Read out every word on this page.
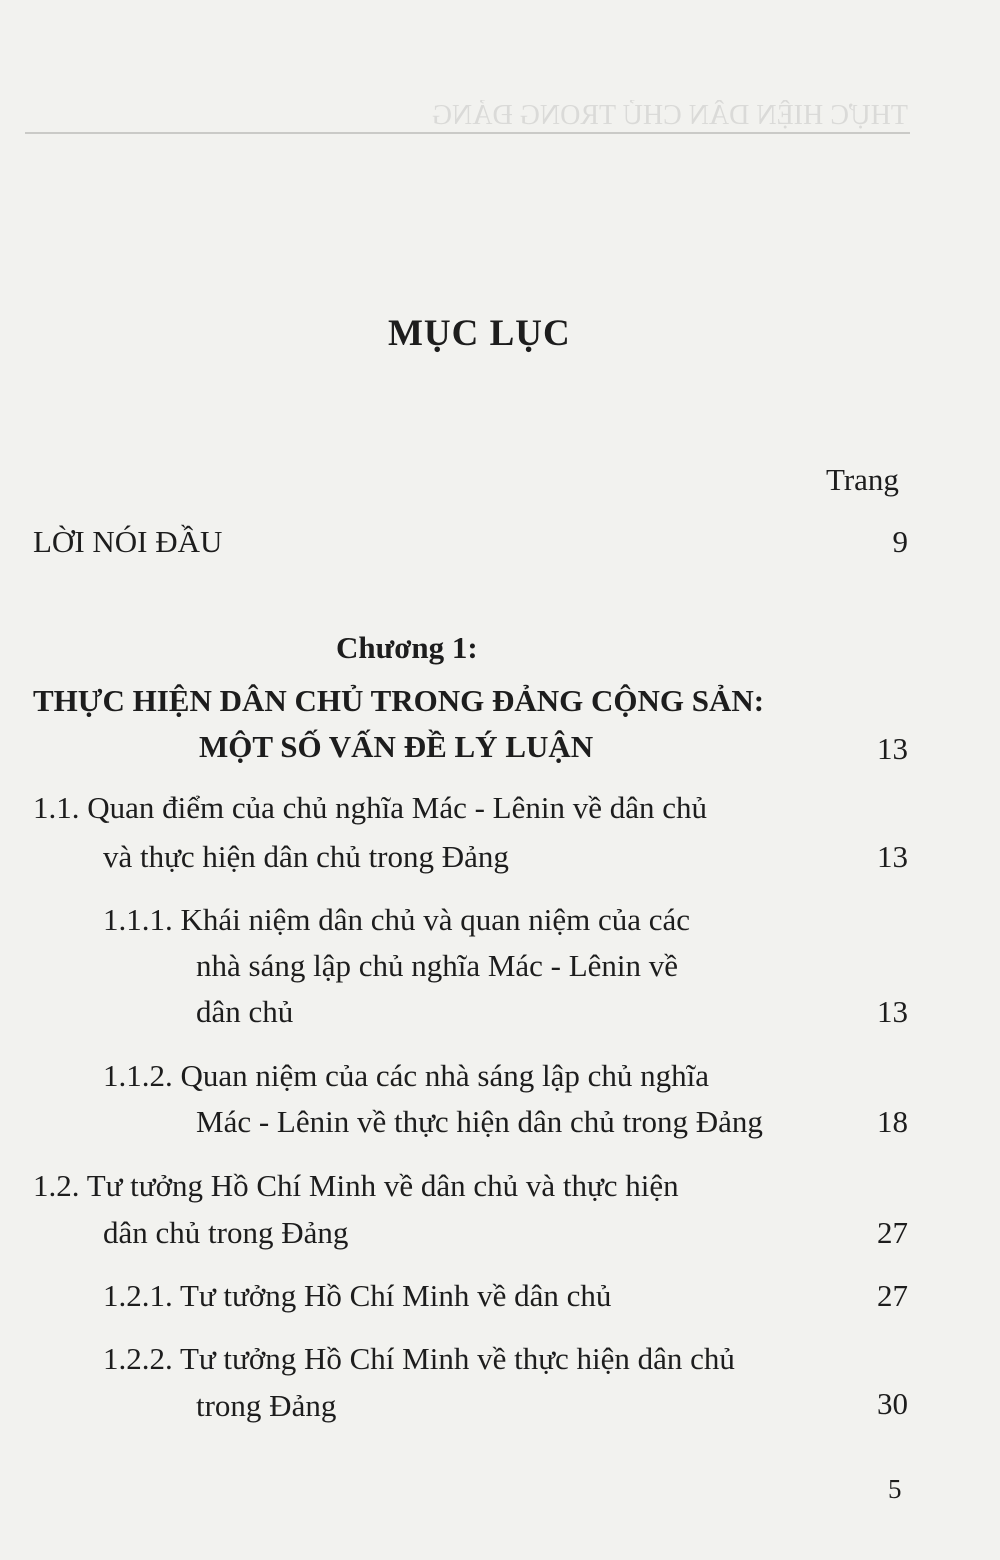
THỰC HIỆN DÂN CHỦ TRONG ĐẢNG
MỤC LỤC
Trang
LỜI NÓI ĐẦU	9
Chương 1:
THỰC HIỆN DÂN CHỦ TRONG ĐẢNG CỘNG SẢN:
MỘT SỐ VẤN ĐỀ LÝ LUẬN	13
1.1. Quan điểm của chủ nghĩa Mác - Lênin về dân chủ
và thực hiện dân chủ trong Đảng	13
1.1.1. Khái niệm dân chủ và quan niệm của các
nhà sáng lập chủ nghĩa Mác - Lênin về
dân chủ	13
1.1.2. Quan niệm của các nhà sáng lập chủ nghĩa
Mác - Lênin về thực hiện dân chủ trong Đảng	18
1.2. Tư tưởng Hồ Chí Minh về dân chủ và thực hiện
dân chủ trong Đảng	27
1.2.1. Tư tưởng Hồ Chí Minh về dân chủ	27
1.2.2. Tư tưởng Hồ Chí Minh về thực hiện dân chủ
trong Đảng	30
5
